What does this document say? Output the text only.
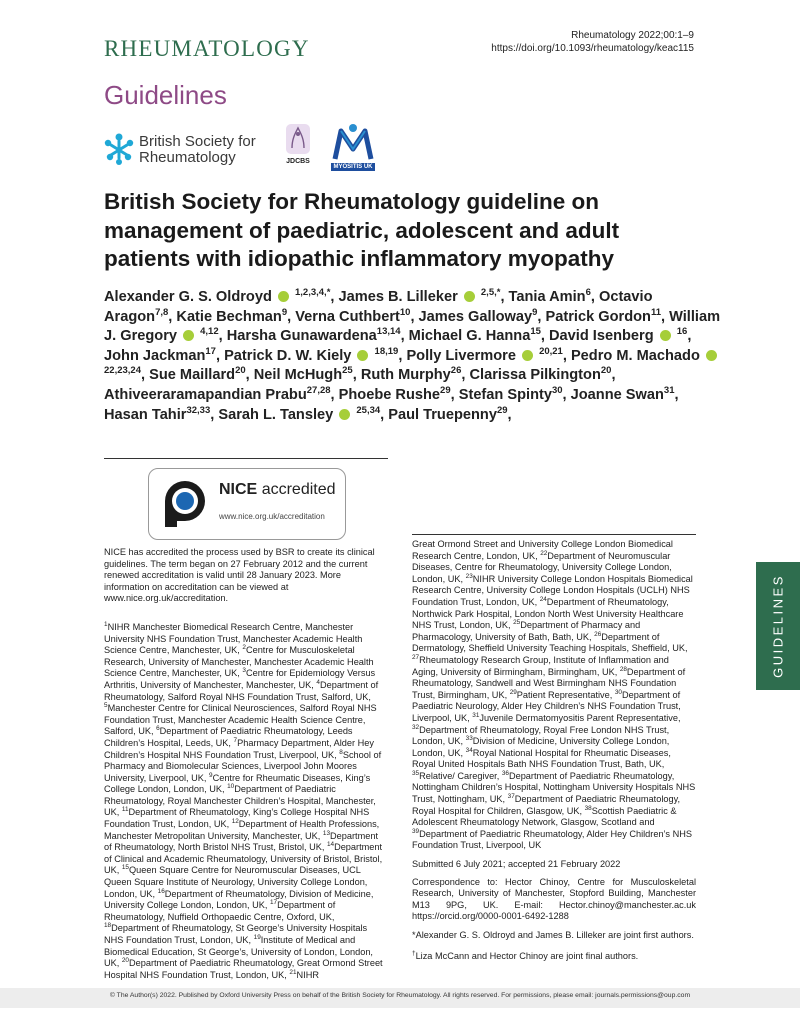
RHEUMATOLOGY
Rheumatology 2022;00:1–9
https://doi.org/10.1093/rheumatology/keac115
Guidelines
British Society for
Rheumatology	JDCBS
MYOSITIS UK
British Society for Rheumatology guideline on management of paediatric, adolescent and adult patients with idiopathic inflammatory myopathy
Alexander G. S. Oldroyd $^{1,2,3,4,*}$, James B. Lilleker $^{2,5,*}$, Tania Amin$^6$, Octavio Aragon$^{7,8}$, Katie Bechman$^9$, Verna Cuthbert$^{10}$, James Galloway$^9$, Patrick Gordon$^{11}$, William J. Gregory $^{4,12}$, Harsha Gunawardena$^{13,14}$, Michael G. Hanna$^{15}$, David Isenberg $^{16}$, John Jackman$^{17}$, Patrick D. W. Kiely $^{18,19}$, Polly Livermore $^{20,21}$, Pedro M. Machado  $^{22,23,24}$, Sue Maillard$^{20}$, Neil McHugh$^{25}$, Ruth Murphy$^{26}$, Clarissa Pilkington$^{20}$, Athiveeraramapandian Prabu$^{27,28}$, Phoebe Rushe$^{29}$, Stefan Spinty$^{30}$, Joanne Swan$^{31}$, Hasan Tahir$^{32,33}$, Sarah L. Tansley $^{25,34}$, Paul Truepenny$^{29}$,
NICE accredited
www.nice.org.uk/accreditation

NICE has accredited the process used by BSR to create its clinical guidelines. The term began on 27 February 2012 and the current renewed accreditation is valid until 28 January 2023. More information on accreditation can be viewed at www.nice.org.uk/accreditation.

$^1$NIHR Manchester Biomedical Research Centre, Manchester University NHS Foundation Trust, Manchester Academic Health Science Centre, Manchester, UK, $^2$Centre for Musculoskeletal Research, University of Manchester, Manchester Academic Health Science Centre, Manchester, UK, $^3$Centre for Epidemiology Versus Arthritis, University of Manchester, Manchester, UK, $^4$Department of Rheumatology, Salford Royal NHS Foundation Trust, Salford, UK, $^5$Manchester Centre for Clinical Neurosciences, Salford Royal NHS Foundation Trust, Manchester Academic Health Science Centre, Salford, UK, $^6$Department of Paediatric Rheumatology, Leeds Children’s Hospital, Leeds, UK, $^7$Pharmacy Department, Alder Hey Children’s Hospital NHS Foundation Trust, Liverpool, UK, $^8$School of Pharmacy and Biomolecular Sciences, Liverpool John Moores University, Liverpool, UK, $^9$Centre for Rheumatic Diseases, King’s College London, London, UK, $^{10}$Department of Paediatric Rheumatology, Royal Manchester Children’s Hospital, Manchester, UK, $^{11}$Department of Rheumatology, King’s College Hospital NHS Foundation Trust, London, UK, $^{12}$Department of Health Professions, Manchester Metropolitan University, Manchester, UK, $^{13}$Department of Rheumatology, North Bristol NHS Trust, Bristol, UK, $^{14}$Department of Clinical and Academic Rheumatology, University of Bristol, Bristol, UK, $^{15}$Queen Square Centre for Neuromuscular Diseases, UCL Queen Square Institute of Neurology, University College London, London, UK, $^{16}$Department of Rheumatology, Division of Medicine, University College London, London, UK, $^{17}$Department of Rheumatology, Nuffield Orthopaedic Centre, Oxford, UK, $^{18}$Department of Rheumatology, St George’s University Hospitals NHS Foundation Trust, London, UK, $^{19}$Institute of Medical and Biomedical Education, St George’s, University of London, London, UK, $^{20}$Department of Paediatric Rheumatology, Great Ormond Street Hospital NHS Foundation Trust, London, UK, $^{21}$NIHR

Great Ormond Street and University College London Biomedical Research Centre, London, UK, $^{22}$Department of Neuromuscular Diseases, Centre for Rheumatology, University College London, London, UK, $^{23}$NIHR University College London Hospitals Biomedical Research Centre, University College London Hospitals (UCLH) NHS Foundation Trust, London, UK, $^{24}$Department of Rheumatology, Northwick Park Hospital, London North West University Healthcare NHS Trust, London, UK, $^{25}$Department of Pharmacy and Pharmacology, University of Bath, Bath, UK, $^{26}$Department of Dermatology, Sheffield University Teaching Hospitals, Sheffield, UK, $^{27}$Rheumatology Research Group, Institute of Inflammation and Aging, University of Birmingham, Birmingham, UK, $^{28}$Department of Rheumatology, Sandwell and West Birmingham NHS Foundation Trust, Birmingham, UK, $^{29}$Patient Representative, $^{30}$Department of Paediatric Neurology, Alder Hey Children’s NHS Foundation Trust, Liverpool, UK, $^{31}$Juvenile Dermatomyositis Parent Representative, $^{32}$Department of Rheumatology, Royal Free London NHS Trust, London, UK, $^{33}$Division of Medicine, University College London, London, UK, $^{34}$Royal National Hospital for Rheumatic Diseases, Royal United Hospitals Bath NHS Foundation Trust, Bath, UK, $^{35}$Relative/ Caregiver, $^{36}$Department of Paediatric Rheumatology, Nottingham Children’s Hospital, Nottingham University Hospitals NHS Trust, Nottingham, UK, $^{37}$Department of Paediatric Rheumatology, Royal Hospital for Children, Glasgow, UK, $^{38}$Scottish Paediatric & Adolescent Rheumatology Network, Glasgow, Scotland and $^{39}$Department of Paediatric Rheumatology, Alder Hey Children’s NHS Foundation Trust, Liverpool, UK

Submitted 6 July 2021; accepted 21 February 2022

Correspondence to: Hector Chinoy, Centre for Musculoskeletal Research, University of Manchester, Stopford Building, Manchester M13 9PG, UK. E-mail: Hector.chinoy@manchester.ac.uk https://orcid.org/0000-0001-6492-1288

*Alexander G. S. Oldroyd and James B. Lilleker are joint first authors.

†Liza McCann and Hector Chinoy are joint final authors.

GUIDELINES
© The Author(s) 2022. Published by Oxford University Press on behalf of the British Society for Rheumatology. All rights reserved. For permissions, please email: journals.permissions@oup.com
